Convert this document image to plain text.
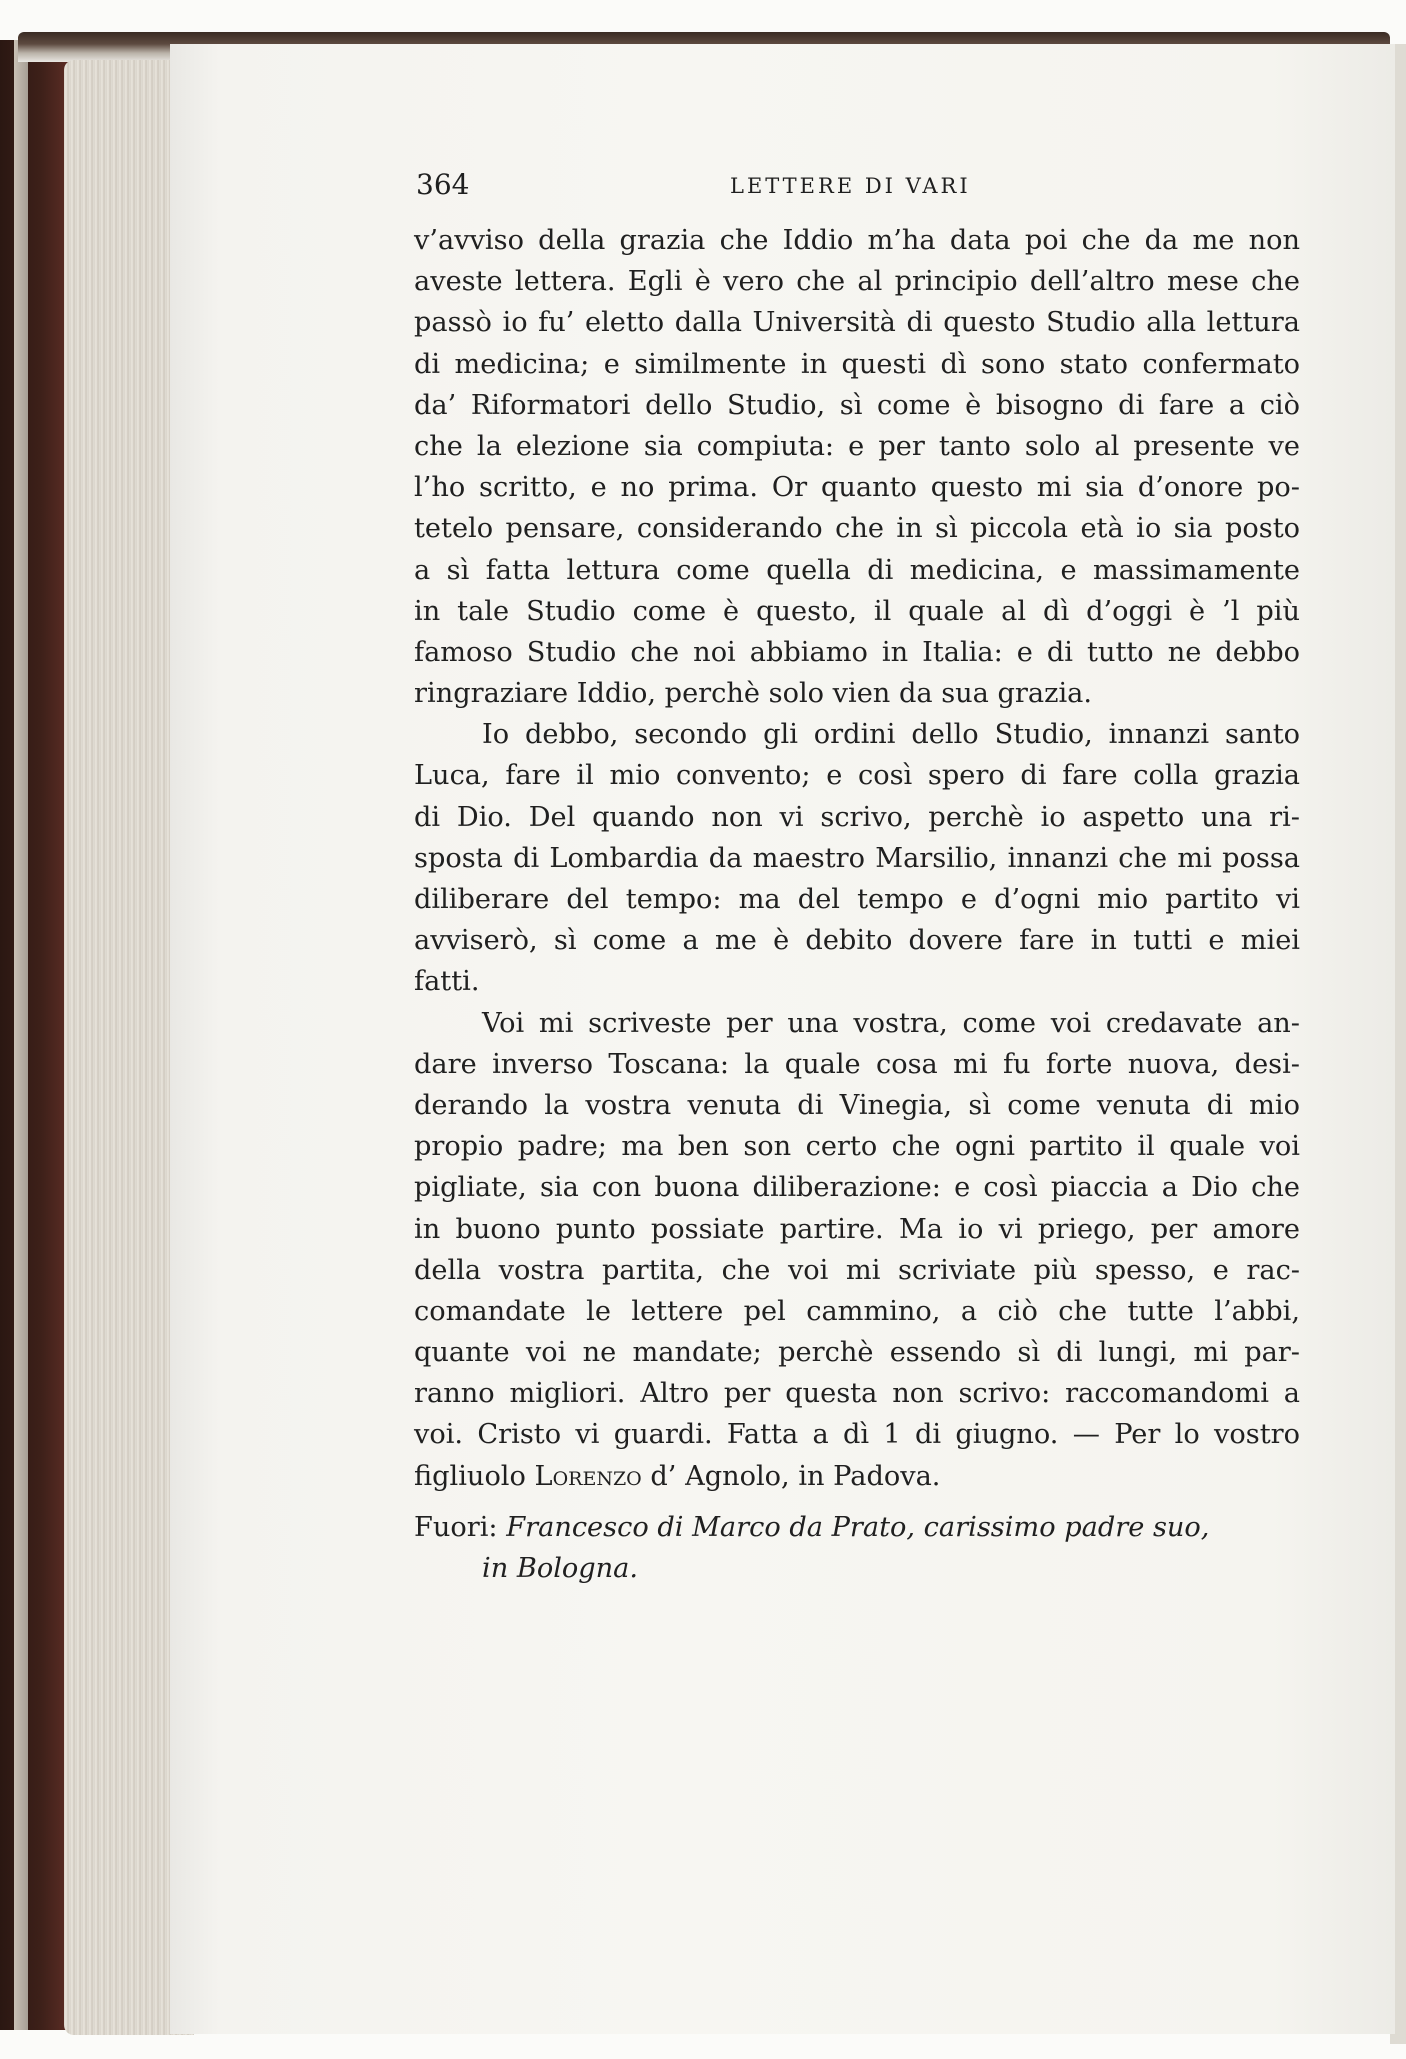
364	LETTERE DI VARI
v’avviso della grazia che Iddio m’ha data poi che da me non
aveste lettera. Egli è vero che al principio dell’altro mese che
passò io fu’ eletto dalla Università di questo Studio alla lettura
di medicina; e similmente in questi dì sono stato confermato
da’ Riformatori dello Studio, sì come è bisogno di fare a ciò
che la elezione sia compiuta: e per tanto solo al presente ve
l’ho scritto, e no prima. Or quanto questo mi sia d’onore po-
tetelo pensare, considerando che in sì piccola età io sia posto
a sì fatta lettura come quella di medicina, e massimamente
in tale Studio come è questo, il quale al dì d’oggi è ’l più
famoso Studio che noi abbiamo in Italia: e di tutto ne debbo
ringraziare Iddio, perchè solo vien da sua grazia.
Io debbo, secondo gli ordini dello Studio, innanzi santo
Luca, fare il mio convento; e così spero di fare colla grazia
di Dio. Del quando non vi scrivo, perchè io aspetto una ri-
sposta di Lombardia da maestro Marsilio, innanzi che mi possa
diliberare del tempo: ma del tempo e d’ogni mio partito vi
avviserò, sì come a me è debito dovere fare in tutti e miei
fatti.
Voi mi scriveste per una vostra, come voi credavate an-
dare inverso Toscana: la quale cosa mi fu forte nuova, desi-
derando la vostra venuta di Vinegia, sì come venuta di mio
propio padre; ma ben son certo che ogni partito il quale voi
pigliate, sia con buona diliberazione: e così piaccia a Dio che
in buono punto possiate partire. Ma io vi priego, per amore
della vostra partita, che voi mi scriviate più spesso, e rac-
comandate le lettere pel cammino, a ciò che tutte l’abbi,
quante voi ne mandate; perchè essendo sì di lungi, mi par-
ranno migliori. Altro per questa non scrivo: raccomandomi a
voi. Cristo vi guardi. Fatta a dì 1 di giugno. — Per lo vostro
figliuolo Lorenzo d’ Agnolo, in Padova.
Fuori: Francesco di Marco da Prato, carissimo padre suo,
in Bologna.
